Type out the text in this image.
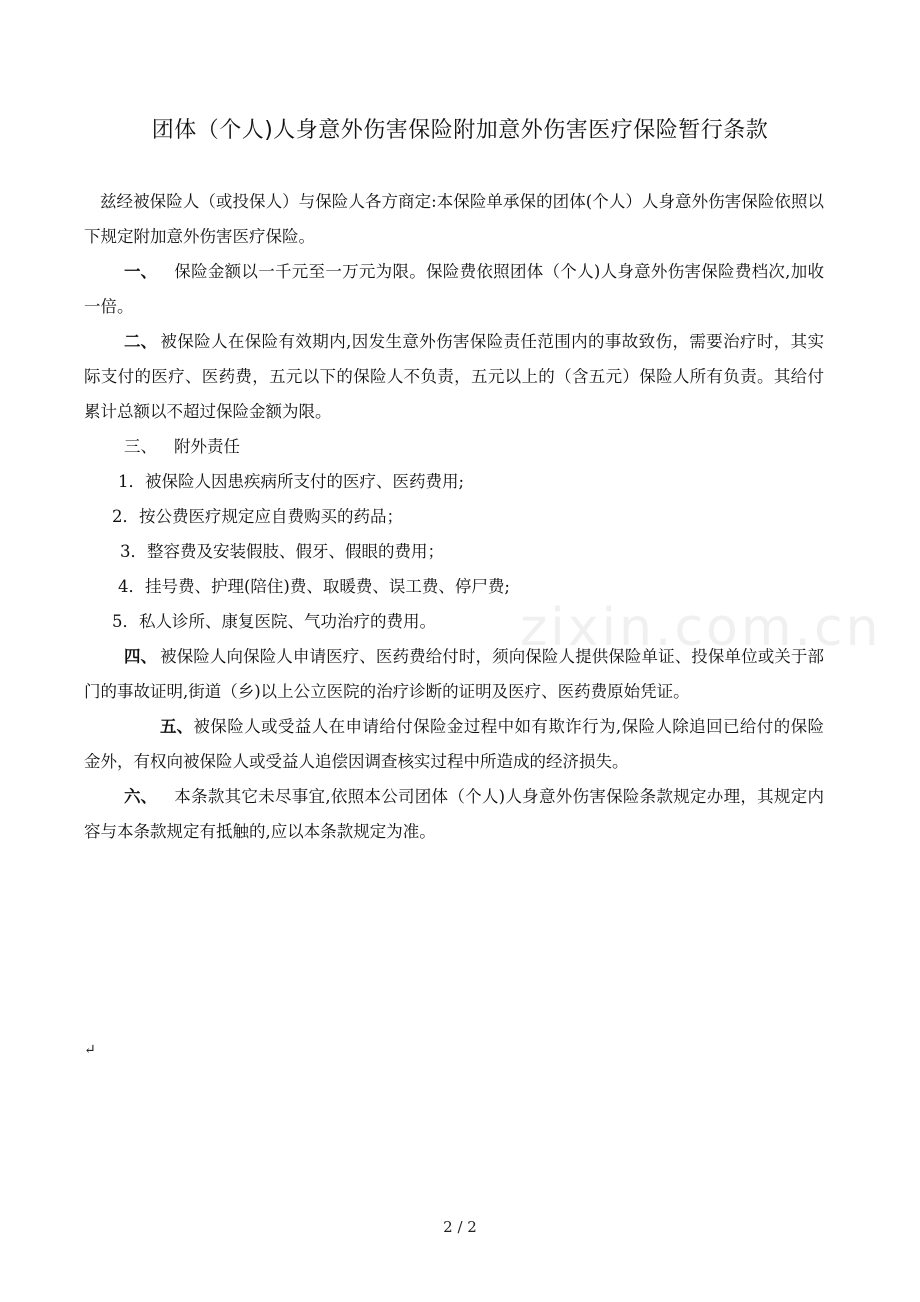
zixin.com.cn
团体（个人)人身意外伤害保险附加意外伤害医疗保险暂行条款

兹经被保险人（或投保人）与保险人各方商定:本保险单承保的团体(个人）人身意外伤害保险依照以下规定附加意外伤害医疗保险。

一、 保险金额以一千元至一万元为限。保险费依照团体（个人)人身意外伤害保险费档次,加收一倍。

二、 被保险人在保险有效期内,因发生意外伤害保险责任范围内的事故致伤，需要治疗时，其实际支付的医疗、医药费，五元以下的保险人不负责，五元以上的（含五元）保险人所有负责。其给付累计总额以不超过保险金额为限。

三、 附外责任

1．被保险人因患疾病所支付的医疗、医药费用;

2．按公费医疗规定应自费购买的药品；

3．整容费及安装假肢、假牙、假眼的费用；

4．挂号费、护理(陪住)费、取暖费、误工费、停尸费;

5．私人诊所、康复医院、气功治疗的费用。

四、 被保险人向保险人申请医疗、医药费给付时，须向保险人提供保险单证、投保单位或关于部门的事故证明,街道（乡)以上公立医院的治疗诊断的证明及医疗、医药费原始凭证。

五、被保险人或受益人在申请给付保险金过程中如有欺诈行为,保险人除追回已给付的保险金外，有权向被保险人或受益人追偿因调查核实过程中所造成的经济损失。

六、 本条款其它未尽事宜,依照本公司团体（个人)人身意外伤害保险条款规定办理，其规定内容与本条款规定有抵触的,应以本条款规定为准。

↵
2 / 2
